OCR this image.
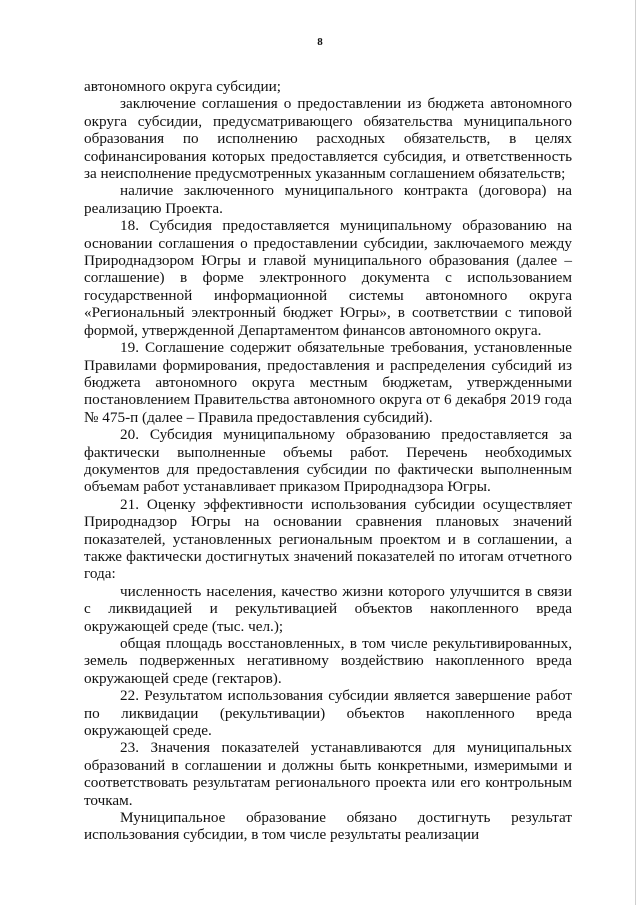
8

автономного округа субсидии;

заключение соглашения о предоставлении из бюджета автономного округа субсидии, предусматривающего обязательства муниципального образования по исполнению расходных обязательств, в целях софинансирования которых предоставляется субсидия, и ответственность за неисполнение предусмотренных указанным соглашением обязательств;

наличие заключенного муниципального контракта (договора) на реализацию Проекта.

18. Субсидия предоставляется муниципальному образованию на основании соглашения о предоставлении субсидии, заключаемого между Природнадзором Югры и главой муниципального образования (далее – соглашение) в форме электронного документа с использованием государственной информационной системы автономного округа «Региональный электронный бюджет Югры», в соответствии с типовой формой, утвержденной Департаментом финансов автономного округа.

19. Соглашение содержит обязательные требования, установленные Правилами формирования, предоставления и распределения субсидий из бюджета автономного округа местным бюджетам, утвержденными постановлением Правительства автономного округа от 6 декабря 2019 года № 475-п (далее – Правила предоставления субсидий).

20. Субсидия муниципальному образованию предоставляется за фактически выполненные объемы работ. Перечень необходимых документов для предоставления субсидии по фактически выполненным объемам работ устанавливает приказом Природнадзора Югры.

21. Оценку эффективности использования субсидии осуществляет Природнадзор Югры на основании сравнения плановых значений показателей, установленных региональным проектом и в соглашении, а также фактически достигнутых значений показателей по итогам отчетного года:

численность населения, качество жизни которого улучшится в связи с ликвидацией и рекультивацией объектов накопленного вреда окружающей среде (тыс. чел.);

общая площадь восстановленных, в том числе рекультивированных, земель подверженных негативному воздействию накопленного вреда окружающей среде (гектаров).

22. Результатом использования субсидии является завершение работ по ликвидации (рекультивации) объектов накопленного вреда окружающей среде.

23. Значения показателей устанавливаются для муниципальных образований в соглашении и должны быть конкретными, измеримыми и соответствовать результатам регионального проекта или его контрольным точкам.

Муниципальное образование обязано достигнуть результат использования субсидии, в том числе результаты реализации
